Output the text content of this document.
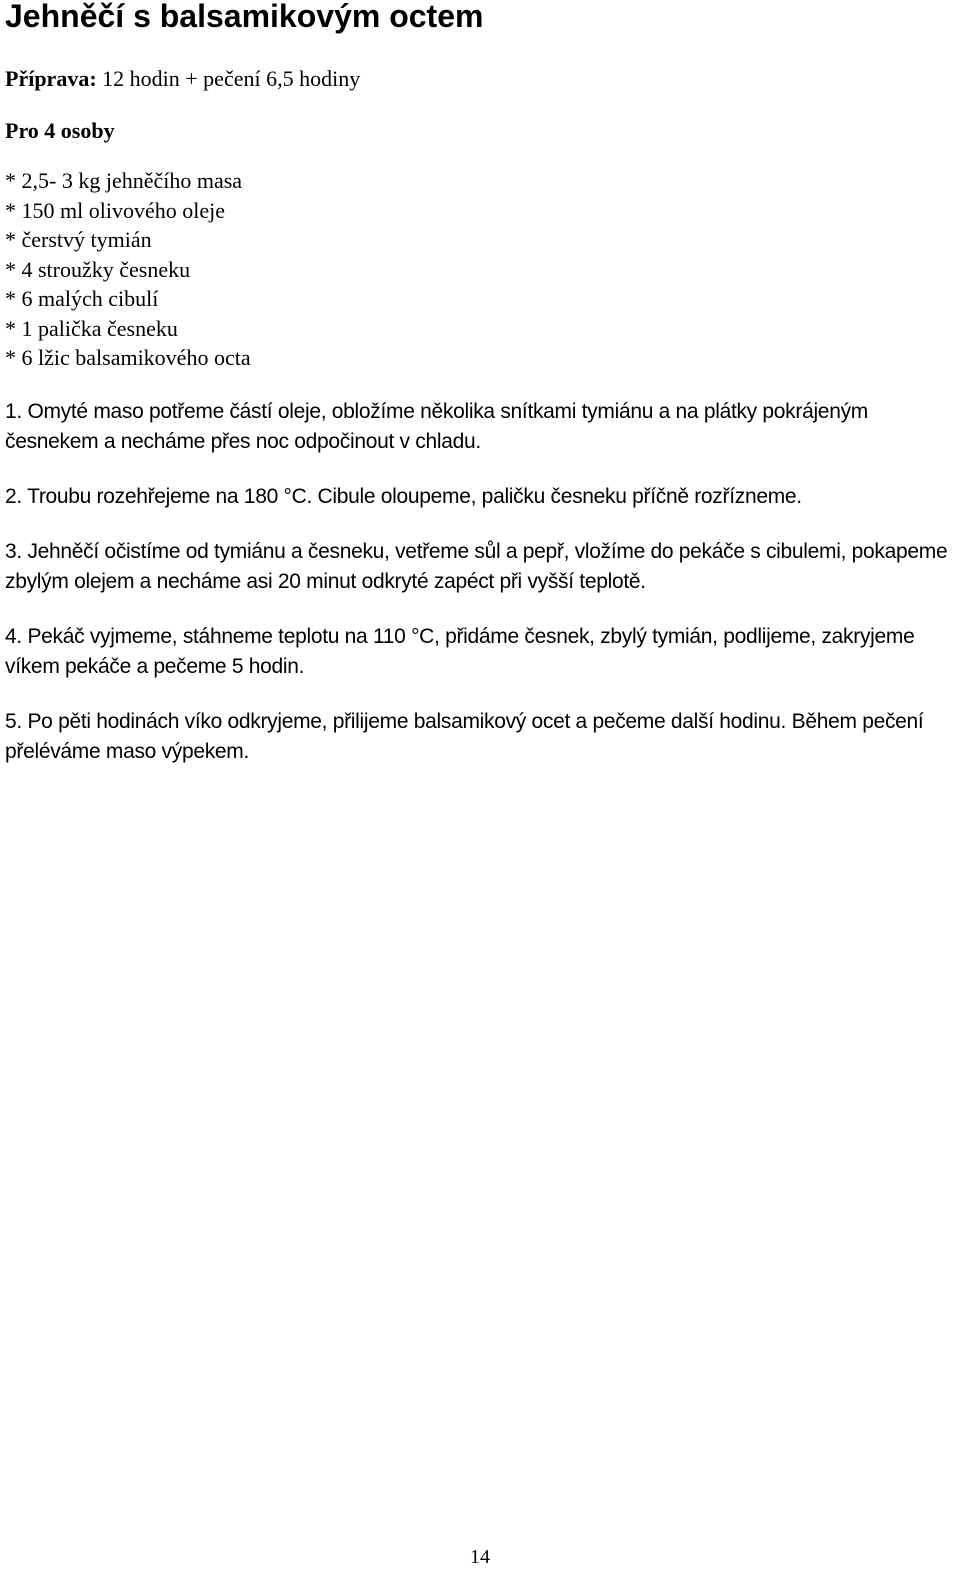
Jehněčí s balsamikovým octem
Příprava: 12 hodin + pečení 6,5 hodiny
Pro 4 osoby
* 2,5- 3 kg jehněčího masa
* 150 ml olivového oleje
* čerstvý tymián
* 4 stroužky česneku
* 6 malých cibulí
* 1 palička česneku
* 6 lžic balsamikového octa

1. Omyté maso potřeme částí oleje, obložíme několika snítkami tymiánu a na plátky pokrájeným česnekem a necháme přes noc odpočinout v chladu.

2. Troubu rozehřejeme na 180 °C. Cibule oloupeme, paličku česneku příčně rozřízneme.

3. Jehněčí očistíme od tymiánu a česneku, vetřeme sůl a pepř, vložíme do pekáče s cibulemi, pokapeme zbylým olejem a necháme asi 20 minut odkryté zapéct při vyšší teplotě.

4. Pekáč vyjmeme, stáhneme teplotu na 110 °C, přidáme česnek, zbylý tymián, podlijeme, zakryjeme víkem pekáče a pečeme 5 hodin.

5. Po pěti hodinách víko odkryjeme, přilijeme balsamikový ocet a pečeme další hodinu. Během pečení přeléváme maso výpekem.

14
